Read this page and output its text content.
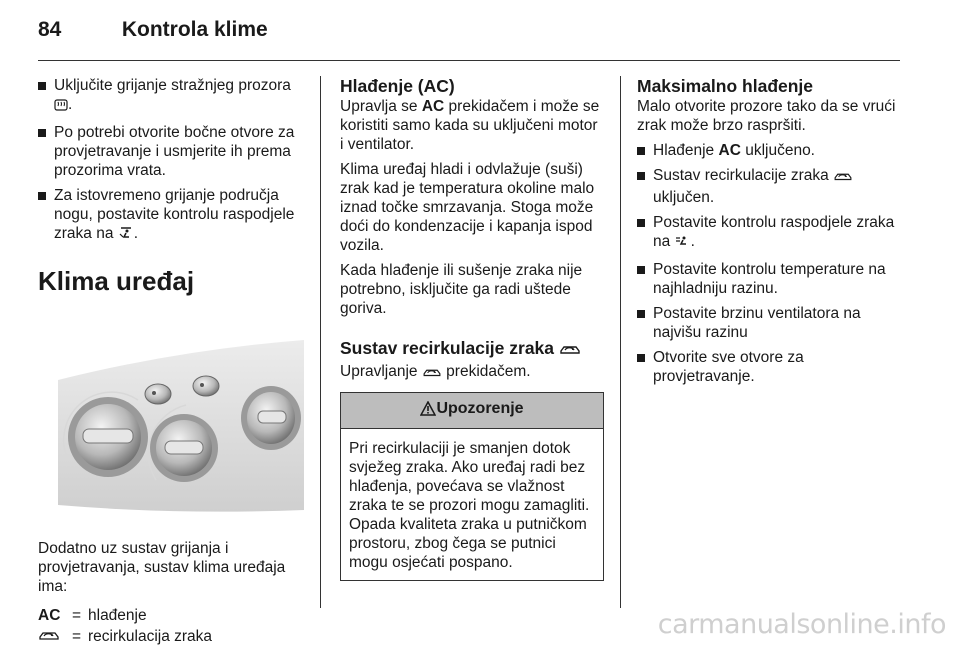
84	Kontrola klime
Uključite grijanje stražnjeg prozora .
Po potrebi otvorite bočne otvore za provjetravanje i usmjerite ih prema prozorima vrata.
Za istovremeno grijanje područja nogu, postavite kontrolu raspodjele zraka na .
Klima uređaj

Dodatno uz sustav grijanja i provjetravanja, sustav klima uređaja ima:

AC = hlađenje
= recirkulacija zraka
Hlađenje (AC)

Upravlja se AC prekidačem i može se koristiti samo kada su uključeni motor i ventilator.

Klima uređaj hladi i odvlažuje (suši) zrak kad je temperatura okoline malo iznad točke smrzavanja. Stoga može doći do kondenzacije i kapanja ispod vozila.

Kada hlađenje ili sušenje zraka nije potrebno, isključite ga radi uštede goriva.

Sustav recirkulacije zraka

Upravljanje prekidačem.

Upozorenje
Pri recirkulaciji je smanjen dotok svježeg zraka. Ako uređaj radi bez hlađenja, povećava se vlažnost zraka te se prozori mogu zamagliti. Opada kvaliteta zraka u putničkom prostoru, zbog čega se putnici mogu osjećati pospano.
Maksimalno hlađenje

Malo otvorite prozore tako da se vrući zrak može brzo raspršiti.

Hlađenje AC uključeno.
Sustav recirkulacije zraka  uključen.
Postavite kontrolu raspodjele zraka na .
Postavite kontrolu temperature na najhladniju razinu.
Postavite brzinu ventilatora na najvišu razinu
Otvorite sve otvore za provjetravanje.
carmanualsonline.info
